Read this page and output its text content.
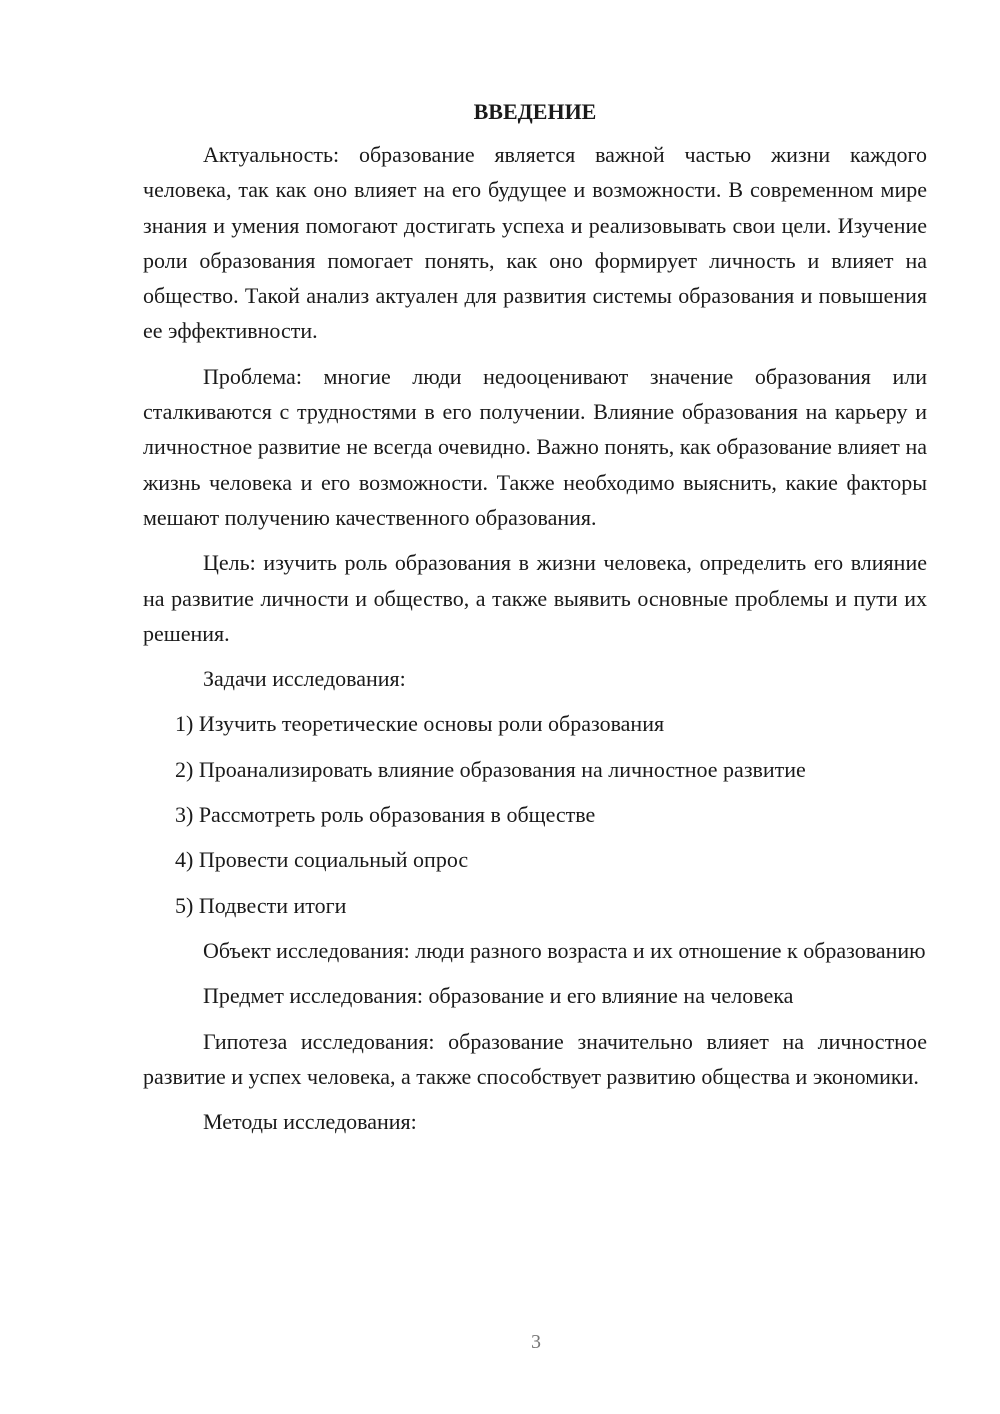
ВВЕДЕНИЕ

Актуальность: образование является важной частью жизни каждого человека, так как оно влияет на его будущее и возможности. В современном мире знания и умения помогают достигать успеха и реализовывать свои цели. Изучение роли образования помогает понять, как оно формирует личность и влияет на общество. Такой анализ актуален для развития системы образования и повышения ее эффективности.

Проблема: многие люди недооценивают значение образования или сталкиваются с трудностями в его получении. Влияние образования на карьеру и личностное развитие не всегда очевидно. Важно понять, как образование влияет на жизнь человека и его возможности. Также необходимо выяснить, какие факторы мешают получению качественного образования.

Цель: изучить роль образования в жизни человека, определить его влияние на развитие личности и общество, а также выявить основные проблемы и пути их решения.

Задачи исследования:

1) Изучить теоретические основы роли образования

2) Проанализировать влияние образования на личностное развитие

3) Рассмотреть роль образования в обществе

4) Провести социальный опрос

5) Подвести итоги

Объект исследования: люди разного возраста и их отношение к образованию

Предмет исследования: образование и его влияние на человека

Гипотеза исследования: образование значительно влияет на личностное развитие и успех человека, а также способствует развитию общества и экономики.

Методы исследования:

3
